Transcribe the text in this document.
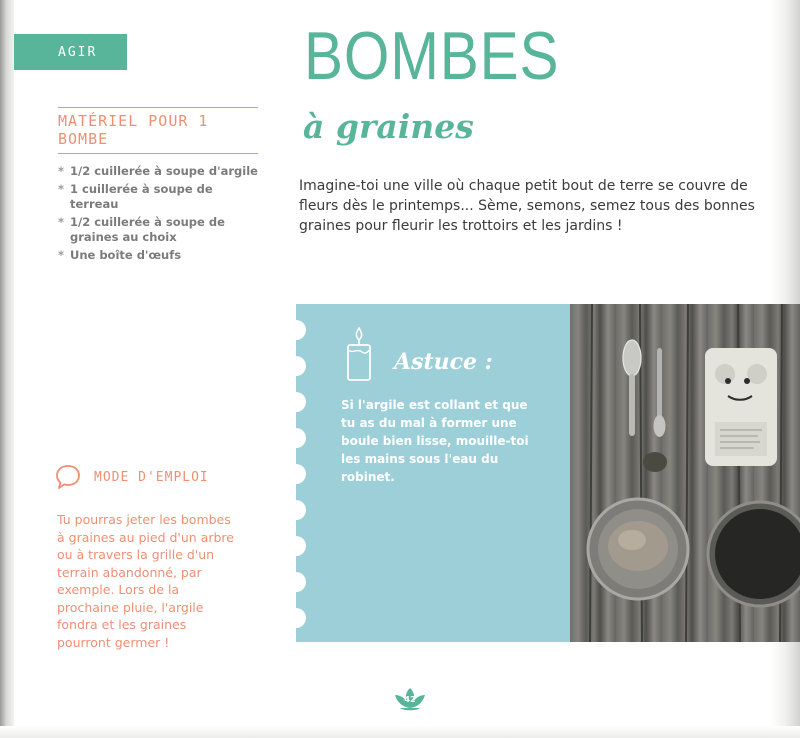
AGIR	BOMBES
à graines

Imagine-toi une ville où chaque petit bout de terre se couvre de fleurs dès le printemps... Sème, semons, semez tous des bonnes graines pour fleurir les trottoirs et les jardins !

MATÉRIEL POUR 1 BOMBE
* 1/2 cuillerée à soupe d'argile
* 1 cuillerée à soupe de terreau
* 1/2 cuillerée à soupe de graines au choix
* Une boîte d'œufs
MODE D'EMPLOI

Tu pourras jeter les bombes à graines au pied d'un arbre ou à travers la grille d'un terrain abandonné, par exemple. Lors de la prochaine pluie, l'argile fondra et les graines pourront germer !

Astuce :

Si l'argile est collant et que tu as du mal à former une boule bien lisse, mouille-toi les mains sous l'eau du robinet.

42
